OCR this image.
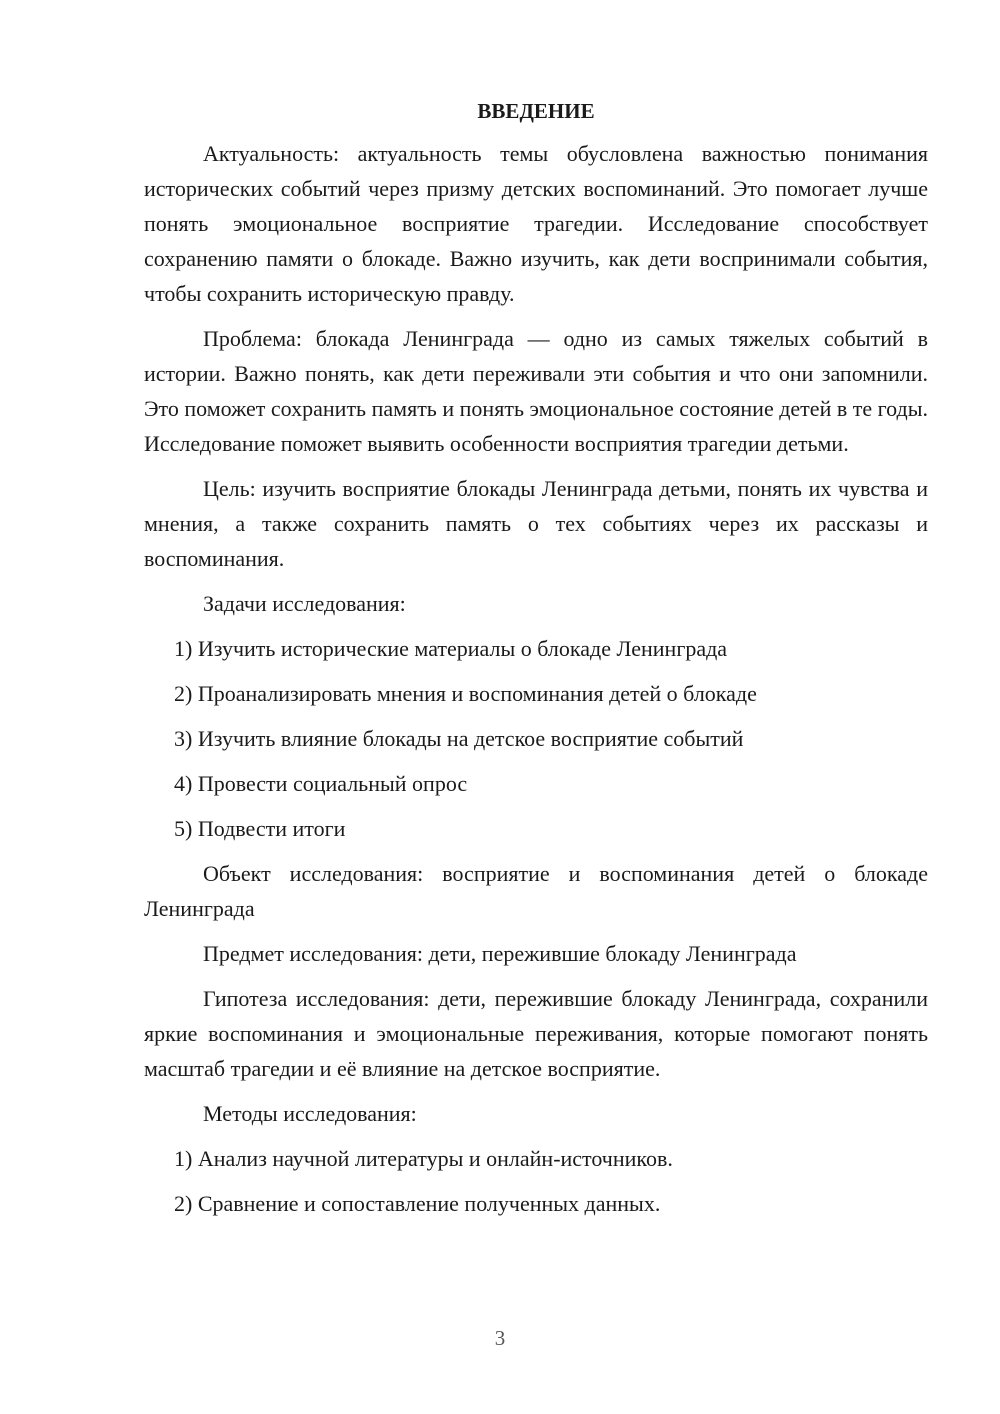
ВВЕДЕНИЕ

Актуальность: актуальность темы обусловлена важностью понимания исторических событий через призму детских воспоминаний. Это помогает лучше понять эмоциональное восприятие трагедии. Исследование способствует сохранению памяти о блокаде. Важно изучить, как дети воспринимали события, чтобы сохранить историческую правду.

Проблема: блокада Ленинграда — одно из самых тяжелых событий в истории. Важно понять, как дети переживали эти события и что они запомнили. Это поможет сохранить память и понять эмоциональное состояние детей в те годы. Исследование поможет выявить особенности восприятия трагедии детьми.

Цель: изучить восприятие блокады Ленинграда детьми, понять их чувства и мнения, а также сохранить память о тех событиях через их рассказы и воспоминания.

Задачи исследования:

1) Изучить исторические материалы о блокаде Ленинграда

2) Проанализировать мнения и воспоминания детей о блокаде

3) Изучить влияние блокады на детское восприятие событий

4) Провести социальный опрос

5) Подвести итоги

Объект исследования: восприятие и воспоминания детей о блокаде Ленинграда

Предмет исследования: дети, пережившие блокаду Ленинграда

Гипотеза исследования: дети, пережившие блокаду Ленинграда, сохранили яркие воспоминания и эмоциональные переживания, которые помогают понять масштаб трагедии и её влияние на детское восприятие.

Методы исследования:

1) Анализ научной литературы и онлайн-источников.

2) Сравнение и сопоставление полученных данных.

3
